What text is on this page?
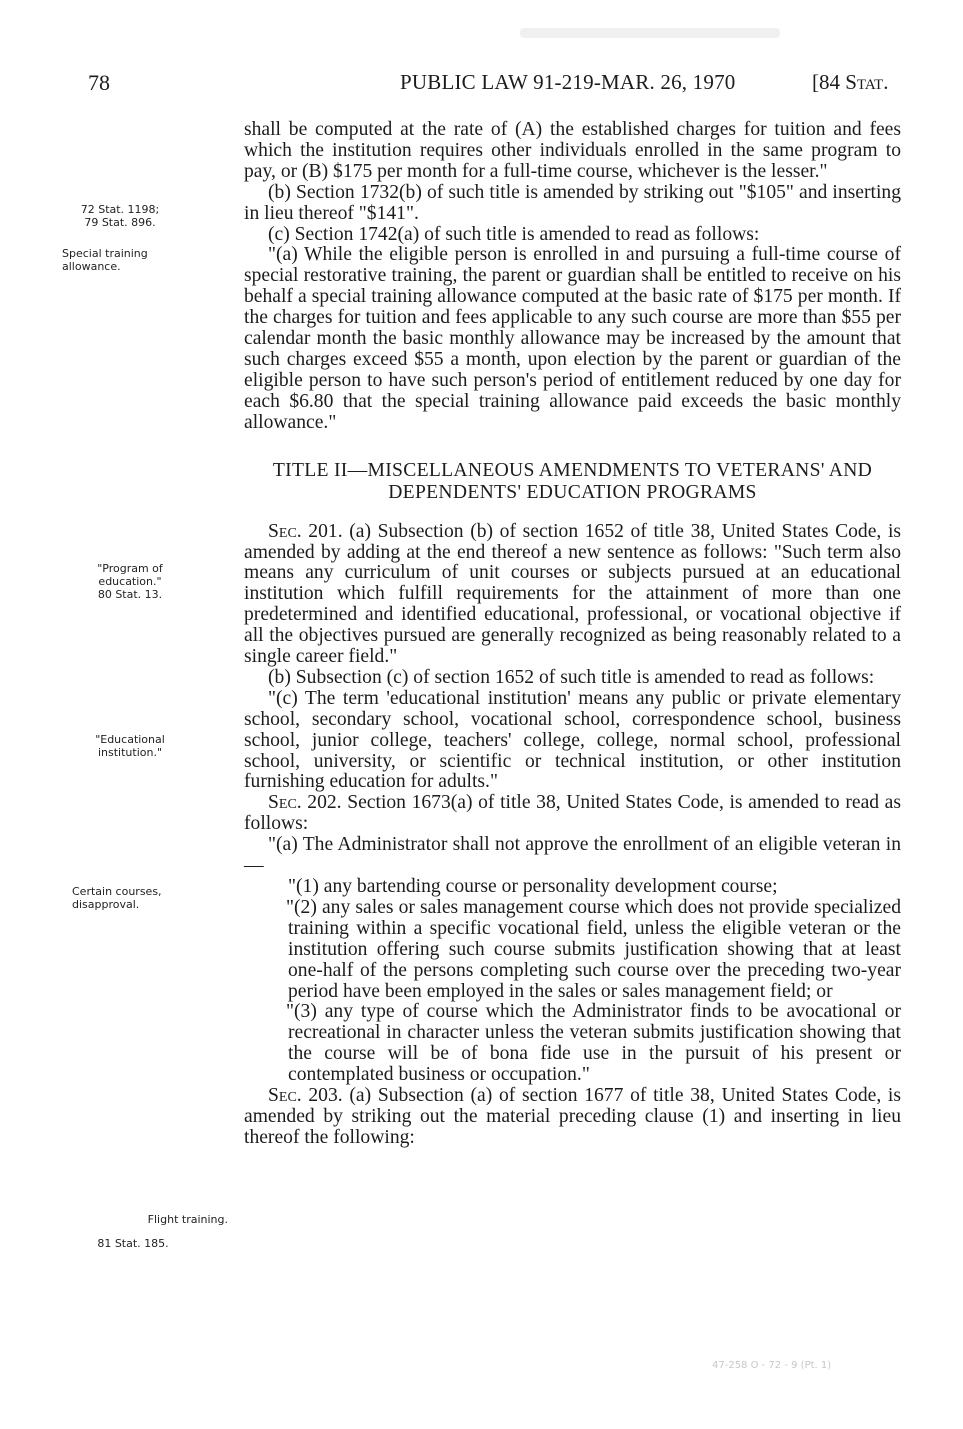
78	PUBLIC LAW 91-219-MAR. 26, 1970	[84 Stat.
72 Stat. 1198;
79 Stat. 896.
Special training
allowance.
"Program of
education."
80 Stat. 13.
"Educational
institution."
Certain courses,
disapproval.
Flight training.
81 Stat. 185.

shall be computed at the rate of (A) the established charges for tuition and fees which the institution requires other individuals enrolled in the same program to pay, or (B) $175 per month for a full-time course, whichever is the lesser."

(b) Section 1732(b) of such title is amended by striking out "$105" and inserting in lieu thereof "$141".

(c) Section 1742(a) of such title is amended to read as follows:

"(a) While the eligible person is enrolled in and pursuing a full-time course of special restorative training, the parent or guardian shall be entitled to receive on his behalf a special training allowance computed at the basic rate of $175 per month. If the charges for tuition and fees applicable to any such course are more than $55 per calendar month the basic monthly allowance may be increased by the amount that such charges exceed $55 a month, upon election by the parent or guardian of the eligible person to have such person's period of entitlement reduced by one day for each $6.80 that the special training allowance paid exceeds the basic monthly allowance."

TITLE II—MISCELLANEOUS AMENDMENTS TO VETERANS' AND DEPENDENTS' EDUCATION PROGRAMS

Sec. 201. (a) Subsection (b) of section 1652 of title 38, United States Code, is amended by adding at the end thereof a new sentence as follows: "Such term also means any curriculum of unit courses or subjects pursued at an educational institution which fulfill requirements for the attainment of more than one predetermined and identified educational, professional, or vocational objective if all the objectives pursued are generally recognized as being reasonably related to a single career field."

(b) Subsection (c) of section 1652 of such title is amended to read as follows:

"(c) The term 'educational institution' means any public or private elementary school, secondary school, vocational school, correspondence school, business school, junior college, teachers' college, college, normal school, professional school, university, or scientific or technical institution, or other institution furnishing education for adults."

Sec. 202. Section 1673(a) of title 38, United States Code, is amended to read as follows:

"(a) The Administrator shall not approve the enrollment of an eligible veteran in—

"(1) any bartending course or personality development course;

"(2) any sales or sales management course which does not provide specialized training within a specific vocational field, unless the eligible veteran or the institution offering such course submits justification showing that at least one-half of the persons completing such course over the preceding two-year period have been employed in the sales or sales management field; or

"(3) any type of course which the Administrator finds to be avocational or recreational in character unless the veteran submits justification showing that the course will be of bona fide use in the pursuit of his present or contemplated business or occupation."

Sec. 203. (a) Subsection (a) of section 1677 of title 38, United States Code, is amended by striking out the material preceding clause (1) and inserting in lieu thereof the following:

47-258 O - 72 - 9 (Pt. 1)
